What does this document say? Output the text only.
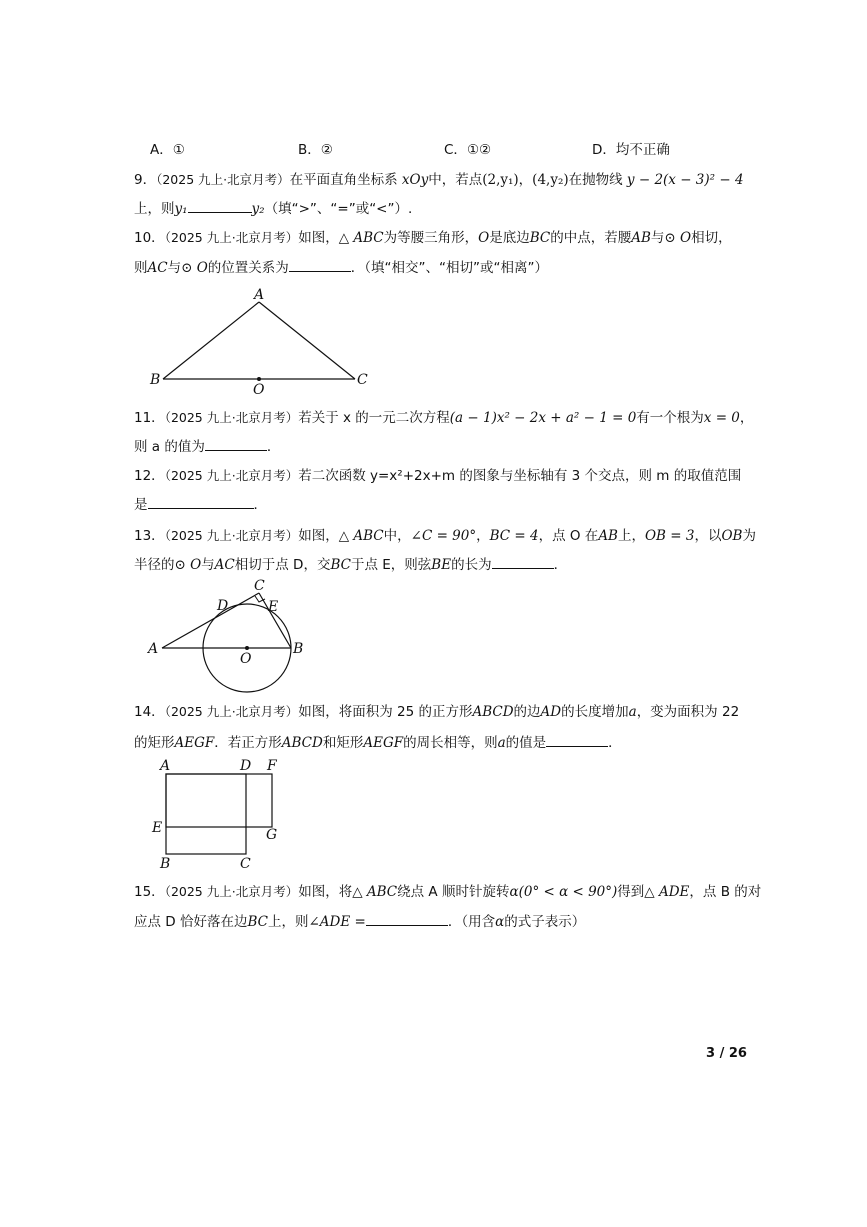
A．①	B．②	C．①②	D．均不正确
9．（2025 九上·北京月考）在平面直角坐标系 xOy中，若点(2,y₁)，(4,y₂)在抛物线 y − 2(x − 3)² − 4
上，则y₁	y₂（填“>”、“=”或“<”）.
10．（2025 九上·北京月考）如图，△ ABC为等腰三角形，O是底边BC的中点，若腰AB与⊙ O相切，
则AC与⊙ O的位置关系为	．（填“相交”、“相切”或“相离”）
A
B	C
O
11．（2025 九上·北京月考）若关于 x 的一元二次方程(a − 1)x² − 2x + a² − 1 = 0有一个根为x = 0，
则 a 的值为	．
12．（2025 九上·北京月考）若二次函数 y=x²+2x+m 的图象与坐标轴有 3 个交点，则 m 的取值范围
是	．
13．（2025 九上·北京月考）如图，△ ABC中，∠C = 90°，BC = 4，点 O 在AB上，OB = 3，以OB为
半径的⊙ O与AC相切于点 D，交BC于点 E，则弦BE的长为	．
A	B
C
D	E
O
14．（2025 九上·北京月考）如图，将面积为 25 的正方形ABCD的边AD的长度增加a，变为面积为 22
的矩形AEGF．若正方形ABCD和矩形AEGF的周长相等，则a的值是	．
A	D F
E	G
B	C
15．（2025 九上·北京月考）如图，将△ ABC绕点 A 顺时针旋转α(0° < α < 90°)得到△ ADE，点 B 的对
应点 D 恰好落在边BC上，则∠ADE =	．（用含α的式子表示）
3 / 26
